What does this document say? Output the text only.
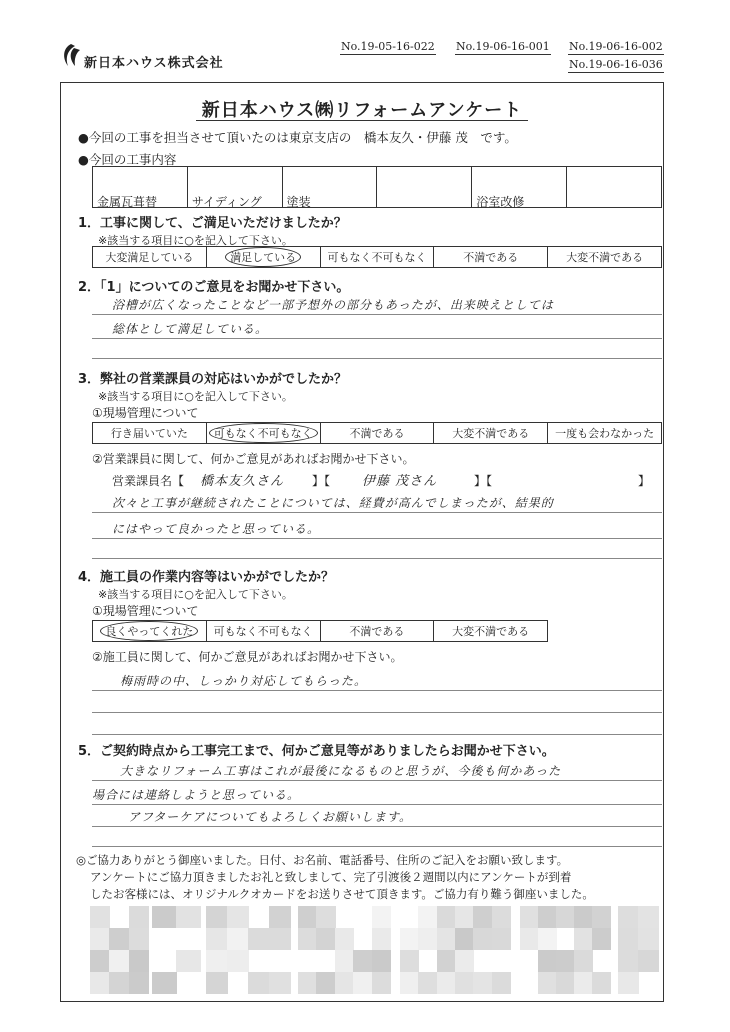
新日本ハウス株式会社
No.19-05-16-022 No.19-06-16-001 No.19-06-16-002
No.19-06-16-036
新日本ハウス㈱リフォームアンケート
●今回の工事を担当させて頂いたのは東京支店の　橋本友久・伊藤 茂　です。
●今回の工事内容
金属瓦葺替	サイディング	塗装	浴室改修
1．工事に関して、ご満足いただけましたか？
※該当する項目に○を記入して下さい。
大変満足している	満足している	可もなく不可もなく	不満である	大変不満である
2．「1」についてのご意見をお聞かせ下さい。
浴槽が広くなったことなど一部予想外の部分もあったが、出来映えとしては
総体として満足している。
3．弊社の営業課員の対応はいかがでしたか？
※該当する項目に○を記入して下さい。
①現場管理について
行き届いていた	可もなく不可もなく	不満である	大変不満である 一度も会わなかった
②営業課員に関して、何かご意見があればお聞かせ下さい。
営業課員名【 橋本友久さん 】【 伊藤 茂さん	】【	】
次々と工事が継続されたことについては、経費が高んでしまったが、結果的
にはやって良かったと思っている。
4．施工員の作業内容等はいかがでしたか？
※該当する項目に○を記入して下さい。
①現場管理について
良くやってくれた	可もなく不可もなく	不満である	大変不満である
②施工員に関して、何かご意見があればお聞かせ下さい。
梅雨時の中、しっかり対応してもらった。
5．ご契約時点から工事完工まで、何かご意見等がありましたらお聞かせ下さい。
大きなリフォーム工事はこれが最後になるものと思うが、今後も何かあった
場合には連絡しようと思っている。
アフターケアについてもよろしくお願いします。
◎ご協力ありがとう御座いました。日付、お名前、電話番号、住所のご記入をお願い致します。
アンケートにご協力頂きましたお礼と致しまして、完了引渡後２週間以内にアンケートが到着
したお客様には、オリジナルクオカードをお送りさせて頂きます。ご協力有り難う御座いました。
